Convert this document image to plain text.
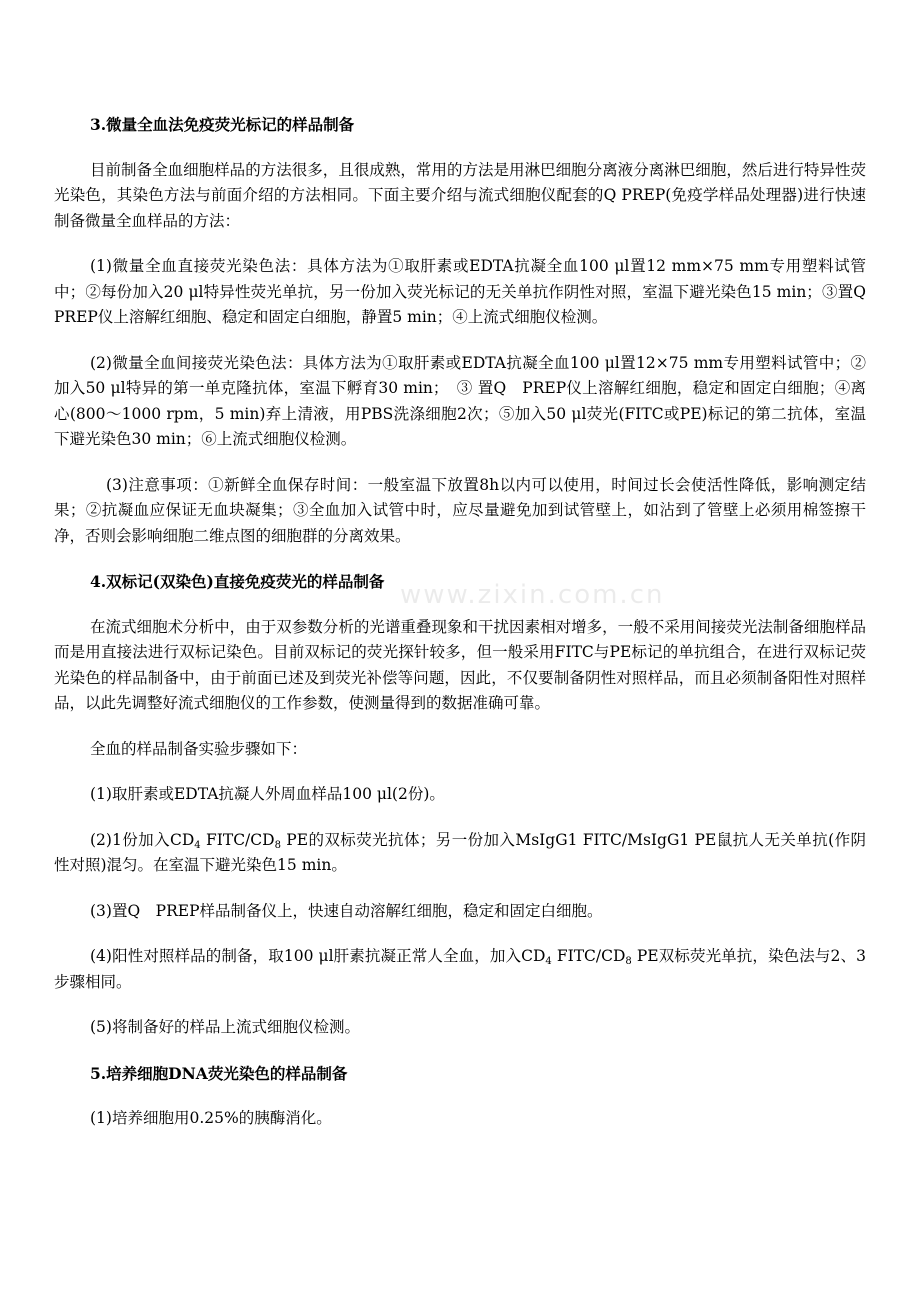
3.微量全血法免疫荧光标记的样品制备

目前制备全血细胞样品的方法很多，且很成熟，常用的方法是用淋巴细胞分离液分离淋巴细胞，然后进行特异性荧光染色，其染色方法与前面介绍的方法相同。下面主要介绍与流式细胞仪配套的Q PREP(免疫学样品处理器)进行快速制备微量全血样品的方法：

(1)微量全血直接荧光染色法：具体方法为①取肝素或EDTA抗凝全血100 μl置12 mm×75 mm专用塑料试管中；②每份加入20 μl特异性荧光单抗，另一份加入荧光标记的无关单抗作阴性对照，室温下避光染色15 min；③置Q PREP仪上溶解红细胞、稳定和固定白细胞，静置5 min；④上流式细胞仪检测。

(2)微量全血间接荧光染色法：具体方法为①取肝素或EDTA抗凝全血100 μl置12×75 mm专用塑料试管中；②加入50 μl特异的第一单克隆抗体，室温下孵育30 min；　③ 置Q　PREP仪上溶解红细胞，稳定和固定白细胞；④离心(800～1000 rpm，5 min)弃上清液，用PBS洗涤细胞2次；⑤加入50 μl荧光(FITC或PE)标记的第二抗体，室温下避光染色30 min；⑥上流式细胞仪检测。

(3)注意事项：①新鲜全血保存时间：一般室温下放置8h以内可以使用，时间过长会使活性降低，影响测定结果；②抗凝血应保证无血块凝集；③全血加入试管中时，应尽量避免加到试管壁上，如沾到了管壁上必须用棉签擦干净，否则会影响细胞二维点图的细胞群的分离效果。

4.双标记(双染色)直接免疫荧光的样品制备

在流式细胞术分析中，由于双参数分析的光谱重叠现象和干扰因素相对增多，一般不采用间接荧光法制备细胞样品而是用直接法进行双标记染色。目前双标记的荧光探针较多，但一般采用FITC与PE标记的单抗组合，在进行双标记荧光染色的样品制备中，由于前面已述及到荧光补偿等问题，因此，不仅要制备阴性对照样品，而且必须制备阳性对照样品，以此先调整好流式细胞仪的工作参数，使测量得到的数据准确可靠。

全血的样品制备实验步骤如下：

(1)取肝素或EDTA抗凝人外周血样品100 μl(2份)。

(2)1份加入$CD_4$ FITC/$CD_8$ PE的双标荧光抗体；另一份加入MsIgG1 FITC/MsIgG1 PE鼠抗人无关单抗(作阴性对照)混匀。在室温下避光染色15 min。

(3)置Q　PREP样品制备仪上，快速自动溶解红细胞，稳定和固定白细胞。

(4)阳性对照样品的制备，取100 μl肝素抗凝正常人全血，加入$CD_4$ FITC/$CD_8$ PE双标荧光单抗，染色法与2、3步骤相同。

(5)将制备好的样品上流式细胞仪检测。

5.培养细胞DNA荧光染色的样品制备

(1)培养细胞用0.25%的胰酶消化。

www.zixin.com.cn
